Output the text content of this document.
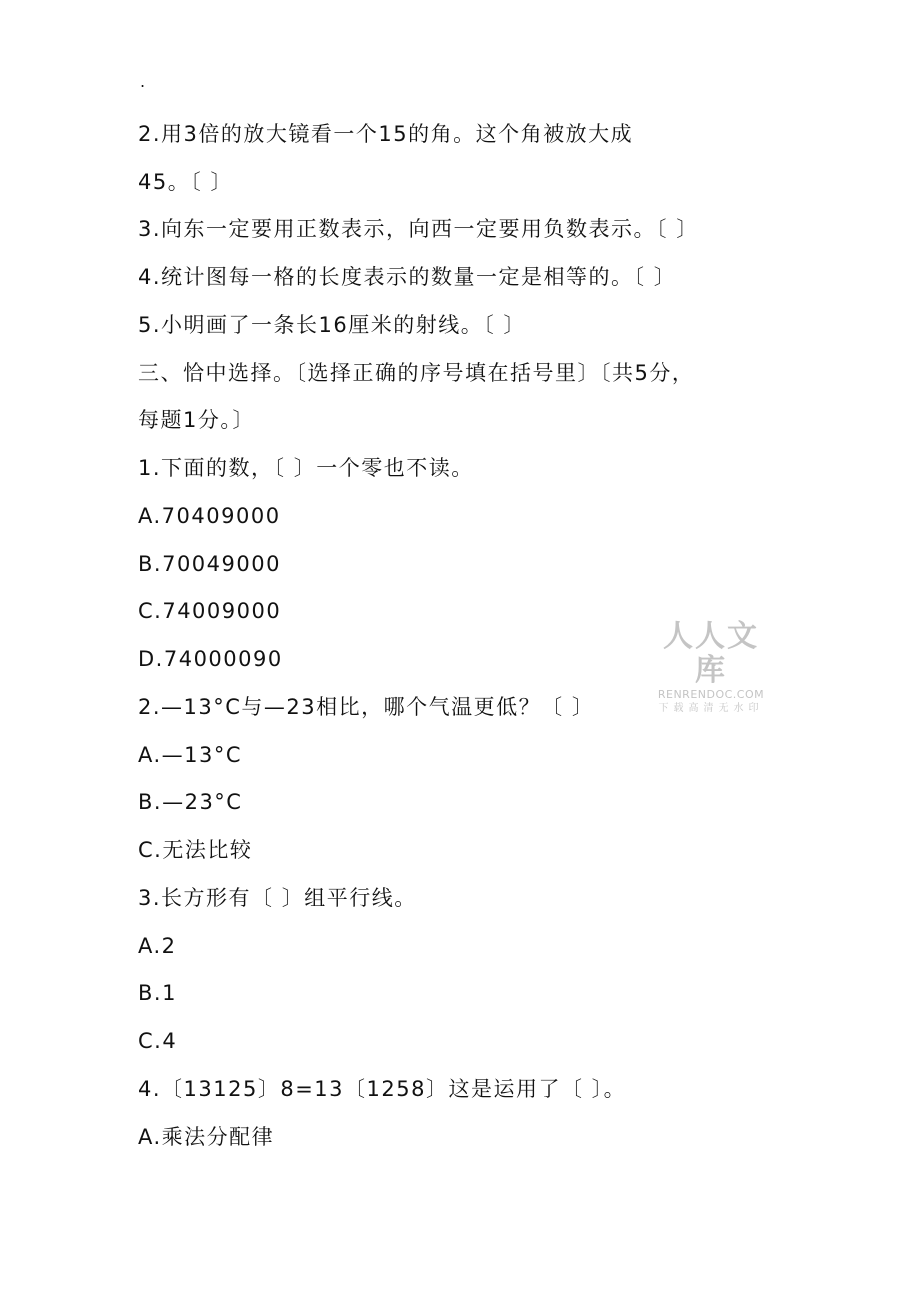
.
2.用3倍的放大镜看一个15的角。这个角被放大成
45。〔 〕
3.向东一定要用正数表示，向西一定要用负数表示。〔 〕
4.统计图每一格的长度表示的数量一定是相等的。〔 〕
5.小明画了一条长16厘米的射线。〔 〕
三、恰中选择。〔选择正确的序号填在括号里〕〔共5分，
每题1分。〕
1.下面的数，〔 〕一个零也不读。
A.70409000
B.70049000
C.74009000
D.74000090
2.—13°C与—23相比，哪个气温更低？〔 〕
A.—13°C
B.—23°C
C.无法比较
3.长方形有〔 〕组平行线。
A.2
B.1
C.4
4.〔13125〕8=13〔1258〕这是运用了〔 〕。
A.乘法分配律
人人文库
RENRENDOC.COM
下载高清无水印
